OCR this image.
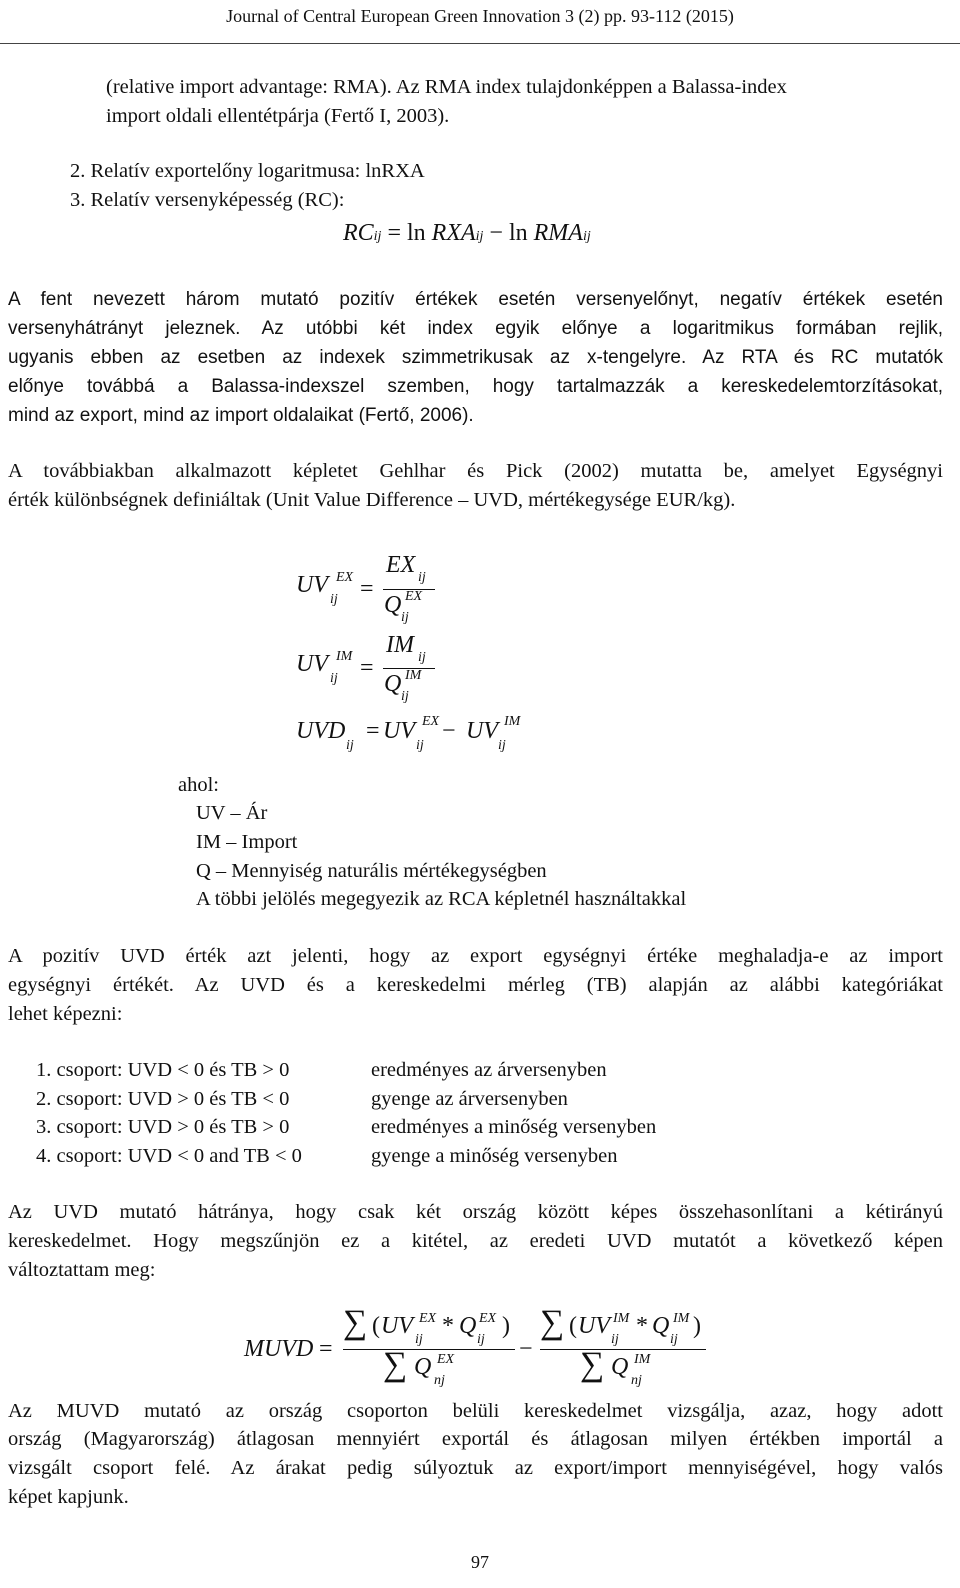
Journal of Central European Green Innovation 3 (2) pp. 93-112 (2015)
(relative import advantage: RMA). Az RMA index tulajdonképpen a Balassa-index
import oldali ellentétpárja (Fertő I, 2003).
2. Relatív exportelőny logaritmusa: lnRXA
3. Relatív versenyképesség (RC):
RCij = ln RXAij − ln RMAij
A fent nevezett három mutató pozitív értékek esetén versenyelőnyt, negatív értékek esetén
versenyhátrányt jeleznek. Az utóbbi két index egyik előnye a logaritmikus formában rejlik,
ugyanis ebben az esetben az indexek szimmetrikusak az x-tengelyre. Az RTA és RC mutatók
előnye továbbá a Balassa-indexszel szemben, hogy tartalmazzák a kereskedelemtorzításokat,
mind az export, mind az import oldalaikat (Fertő, 2006).
A továbbiakban alkalmazott képletet Gehlhar és Pick (2002) mutatta be, amelyet Egységnyi
érték különbségnek definiáltak (Unit Value Difference – UVD, mértékegysége EUR/kg).
UV EX
ij =
EX ij
Q EX
ij
UV IM
ij =
IM ij
Q IM
ij
UVD
ij
= UV EX
ij
− UV IM
ij
ahol:
UV – Ár
IM – Import
Q – Mennyiség naturális mértékegységben
A többi jelölés megegyezik az RCA képletnél használtakkal
A pozitív UVD érték azt jelenti, hogy az export egységnyi értéke meghaladja-e az import
egységnyi értékét. Az UVD és a kereskedelmi mérleg (TB) alapján az alábbi kategóriákat
lehet képezni:
1. csoport: UVD < 0 és TB > 0	eredményes az árversenyben
2. csoport: UVD > 0 és TB < 0	gyenge az árversenyben
3. csoport: UVD > 0 és TB > 0	eredményes a minőség versenyben
4. csoport: UVD < 0 and TB < 0	gyenge a minőség versenyben
Az UVD mutató hátránya, hogy csak két ország között képes összehasonlítani a kétirányú
kereskedelmet. Hogy megszűnjön ez a kitétel, az eredeti UVD mutatót a következő képen
változtattam meg:
MUVD =
∑ ( UV EX
ij
* Q EX
ij
)
∑ Q EX
nj
−
∑ ( UV IM
ij
* Q IM
ij
)
∑ Q IM
nj
Az MUVD mutató az ország csoporton belüli kereskedelmet vizsgálja, azaz, hogy adott
ország (Magyarország) átlagosan mennyiért exportál és átlagosan milyen értékben importál a
vizsgált csoport felé. Az árakat pedig súlyoztuk az export/import mennyiségével, hogy valós
képet kapjunk.
97
